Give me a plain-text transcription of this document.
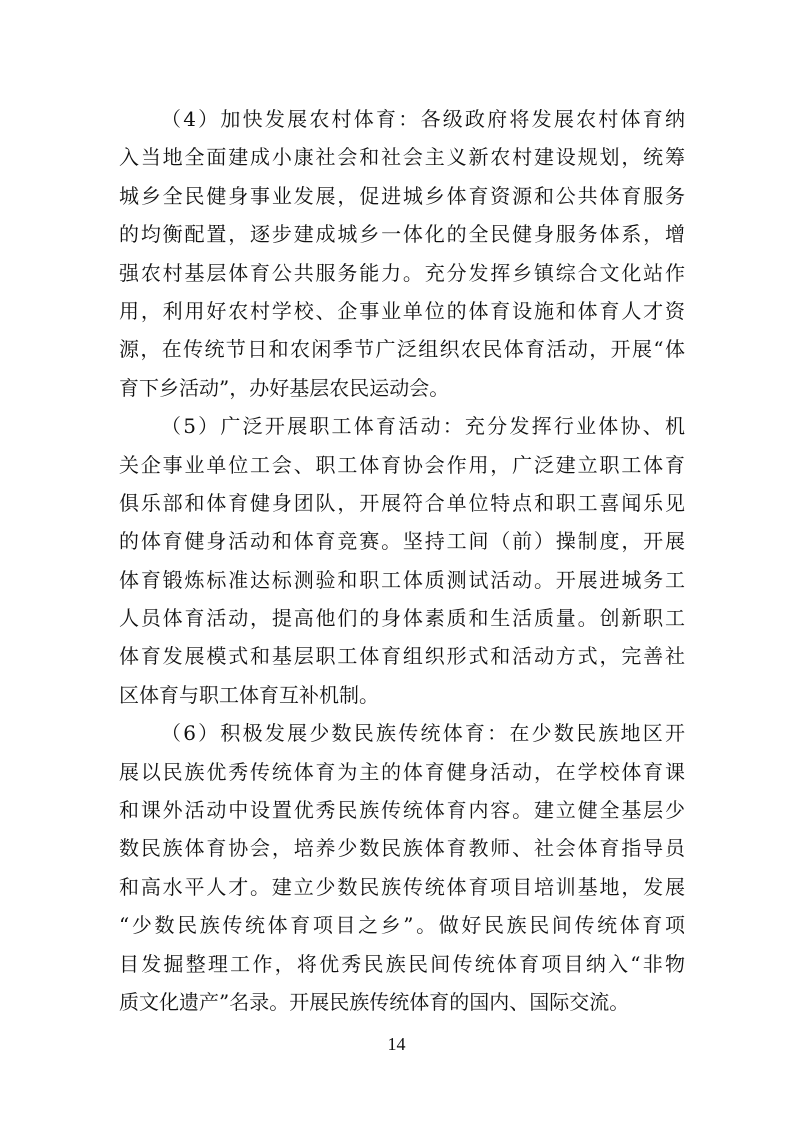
（4）加快发展农村体育：各级政府将发展农村体育纳
入当地全面建成小康社会和社会主义新农村建设规划，统筹
城乡全民健身事业发展，促进城乡体育资源和公共体育服务
的均衡配置，逐步建成城乡一体化的全民健身服务体系，增
强农村基层体育公共服务能力。充分发挥乡镇综合文化站作
用，利用好农村学校、企事业单位的体育设施和体育人才资
源，在传统节日和农闲季节广泛组织农民体育活动，开展“体
育下乡活动”，办好基层农民运动会。
（5）广泛开展职工体育活动：充分发挥行业体协、机
关企事业单位工会、职工体育协会作用，广泛建立职工体育
俱乐部和体育健身团队，开展符合单位特点和职工喜闻乐见
的体育健身活动和体育竞赛。坚持工间（前）操制度，开展
体育锻炼标准达标测验和职工体质测试活动。开展进城务工
人员体育活动，提高他们的身体素质和生活质量。创新职工
体育发展模式和基层职工体育组织形式和活动方式，完善社
区体育与职工体育互补机制。
（6）积极发展少数民族传统体育：在少数民族地区开
展以民族优秀传统体育为主的体育健身活动，在学校体育课
和课外活动中设置优秀民族传统体育内容。建立健全基层少
数民族体育协会，培养少数民族体育教师、社会体育指导员
和高水平人才。建立少数民族传统体育项目培训基地，发展
“少数民族传统体育项目之乡”。做好民族民间传统体育项
目发掘整理工作，将优秀民族民间传统体育项目纳入“非物
质文化遗产”名录。开展民族传统体育的国内、国际交流。
14
